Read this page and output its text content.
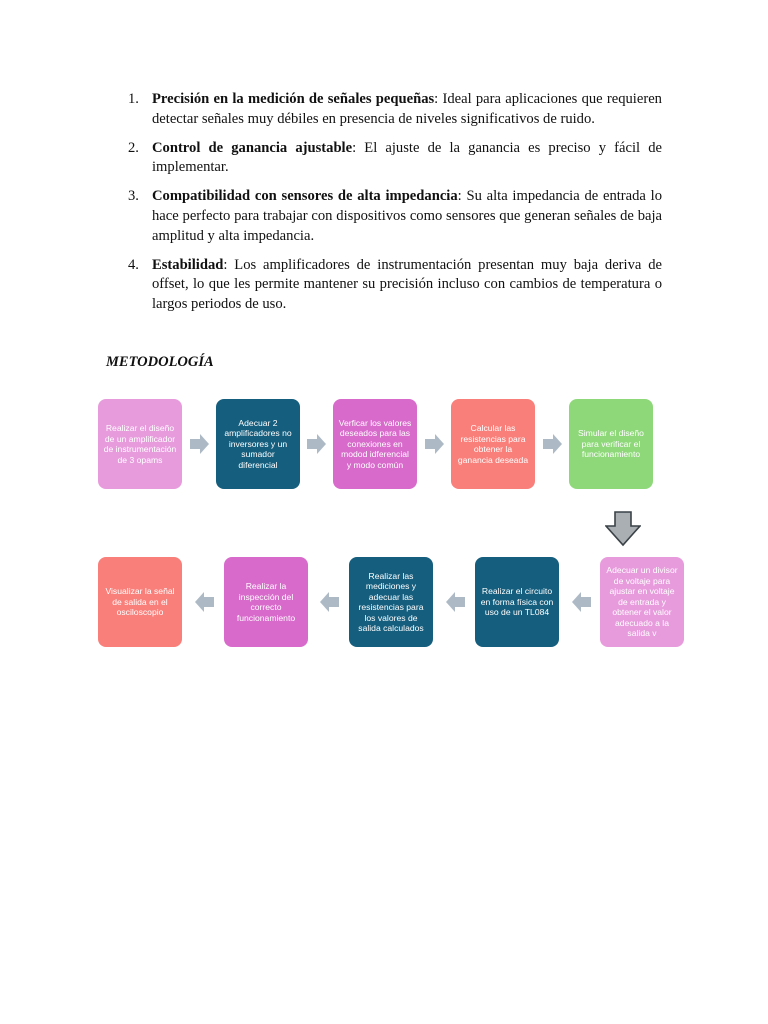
1. Precisión en la medición de señales pequeñas: Ideal para aplicaciones que requieren detectar señales muy débiles en presencia de niveles significativos de ruido.
2. Control de ganancia ajustable: El ajuste de la ganancia es preciso y fácil de implementar.
3. Compatibilidad con sensores de alta impedancia: Su alta impedancia de entrada lo hace perfecto para trabajar con dispositivos como sensores que generan señales de baja amplitud y alta impedancia.
4. Estabilidad: Los amplificadores de instrumentación presentan muy baja deriva de offset, lo que les permite mantener su precisión incluso con cambios de temperatura o largos periodos de uso.
METODOLOGÍA
Realizar el diseño de un amplificador de instrumentación de 3 opams
Adecuar 2 amplificadores no inversores y un sumador diferencial
Verficar los valores deseados para las conexiones en modod idferencial y modo común
Calcular las resistencias para obtener la ganancia deseada
Simular el diseño para verificar el funcionamiento
Adecuar un divisor de voltaje para ajustar en voltaje de entrada y obtener el valor adecuado a la salida v
Realizar el circuito en forma física con uso de un TL084
Realizar las mediciones y adecuar las resistencias para los valores de salida calculados
Realizar la inspección del correcto funcionamiento
Visualizar la señal de salida en el osciloscopio
